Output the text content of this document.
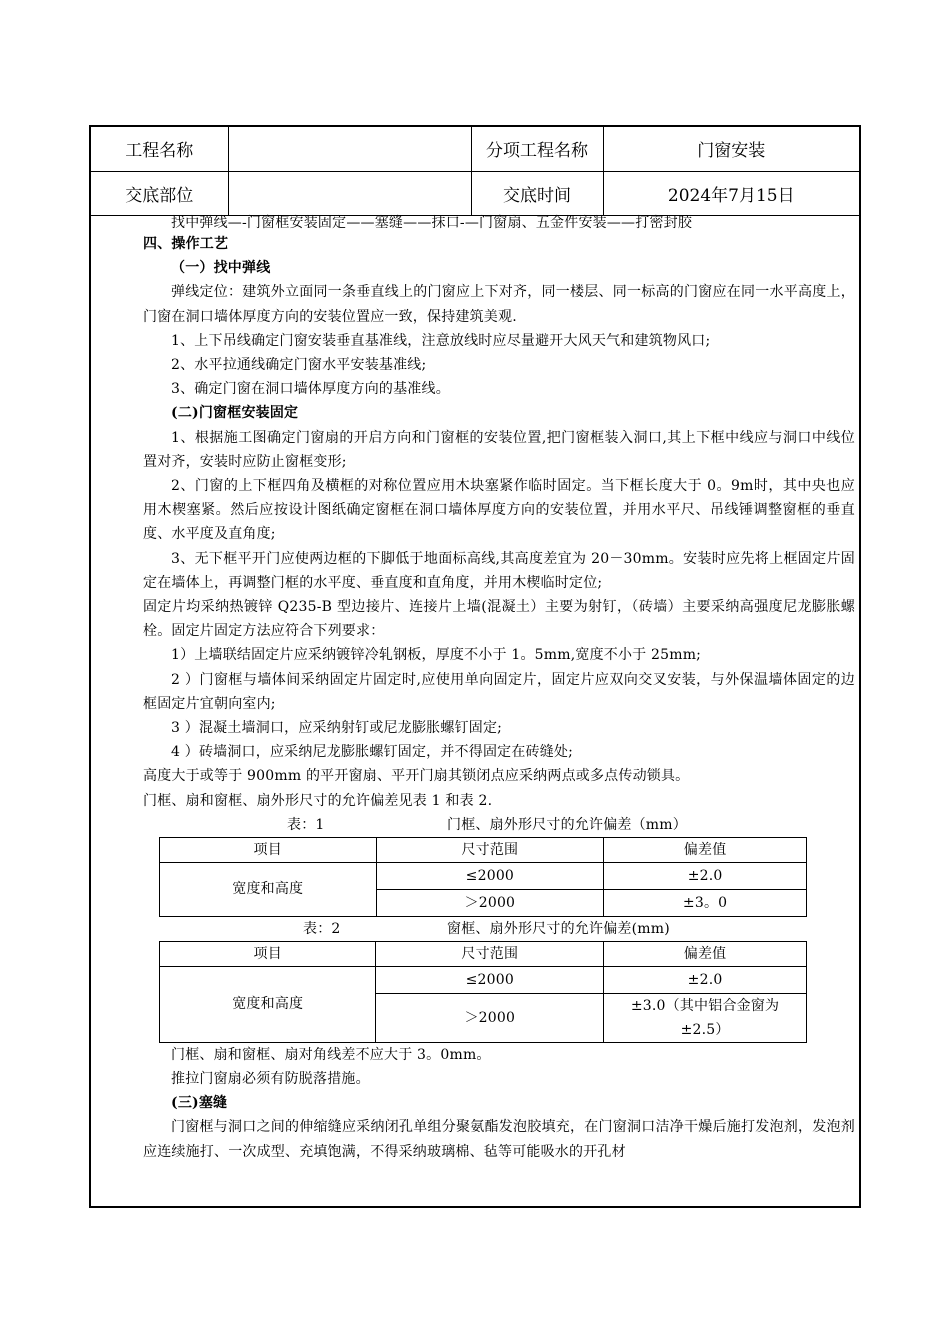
工程名称		分项工程名称	门窗安装
交底部位		交底时间	2024年7月15日

找中弹线—-门窗框安装固定——塞缝——抹口-—门窗扇、五金件安装——打密封胶

四、操作工艺

（一）找中弹线

弹线定位：建筑外立面同一条垂直线上的门窗应上下对齐，同一楼层、同一标高的门窗应在同一水平高度上，门窗在洞口墙体厚度方向的安装位置应一致，保持建筑美观.

1、上下吊线确定门窗安装垂直基准线，注意放线时应尽量避开大风天气和建筑物风口;

2、水平拉通线确定门窗水平安装基准线;

3、确定门窗在洞口墙体厚度方向的基准线。

(二)门窗框安装固定

1、根据施工图确定门窗扇的开启方向和门窗框的安装位置,把门窗框装入洞口,其上下框中线应与洞口中线位置对齐，安装时应防止窗框变形;

2、门窗的上下框四角及横框的对称位置应用木块塞紧作临时固定。当下框长度大于 0。9m时，其中央也应用木楔塞紧。然后应按设计图纸确定窗框在洞口墙体厚度方向的安装位置，并用水平尺、吊线锤调整窗框的垂直度、水平度及直角度;

3、无下框平开门应使两边框的下脚低于地面标高线,其高度差宜为 20－30mm。安装时应先将上框固定片固定在墙体上，再调整门框的水平度、垂直度和直角度，并用木楔临时定位;

固定片均采纳热镀锌 Q235-B 型边接片、连接片上墙(混凝土）主要为射钉，（砖墙）主要采纳高强度尼龙膨胀螺栓。固定片固定方法应符合下列要求：

1）上墙联结固定片应采纳镀锌冷轧钢板，厚度不小于 1。5mm,宽度不小于 25mm;

2 ）门窗框与墙体间采纳固定片固定时,应使用单向固定片，固定片应双向交叉安装，与外保温墙体固定的边框固定片宜朝向室内;

3 ）混凝土墙洞口，应采纳射钉或尼龙膨胀螺钉固定;

4 ）砖墙洞口，应采纳尼龙膨胀螺钉固定，并不得固定在砖缝处;

高度大于或等于 900mm 的平开窗扇、平开门扇其锁闭点应采纳两点或多点传动锁具。

门框、扇和窗框、扇外形尺寸的允许偏差见表 1 和表 2.

表：1	门框、扇外形尺寸的允许偏差（mm）
项目	尺寸范围	偏差值
宽度和高度	≤2000	±2.0
	＞2000	±3。0
表：2	窗框、扇外形尺寸的允许偏差(mm)
项目	尺寸范围	偏差值
宽度和高度	≤2000	±2.0
	＞2000	±3.0（其中铝合金窗为
±2.5）

门框、扇和窗框、扇对角线差不应大于 3。0mm。

推拉门窗扇必须有防脱落措施。

(三)塞缝

门窗框与洞口之间的伸缩缝应采纳闭孔单组分聚氨酯发泡胶填充，在门窗洞口洁净干燥后施打发泡剂，发泡剂应连续施打、一次成型、充填饱满，不得采纳玻璃棉、毡等可能吸水的开孔材
